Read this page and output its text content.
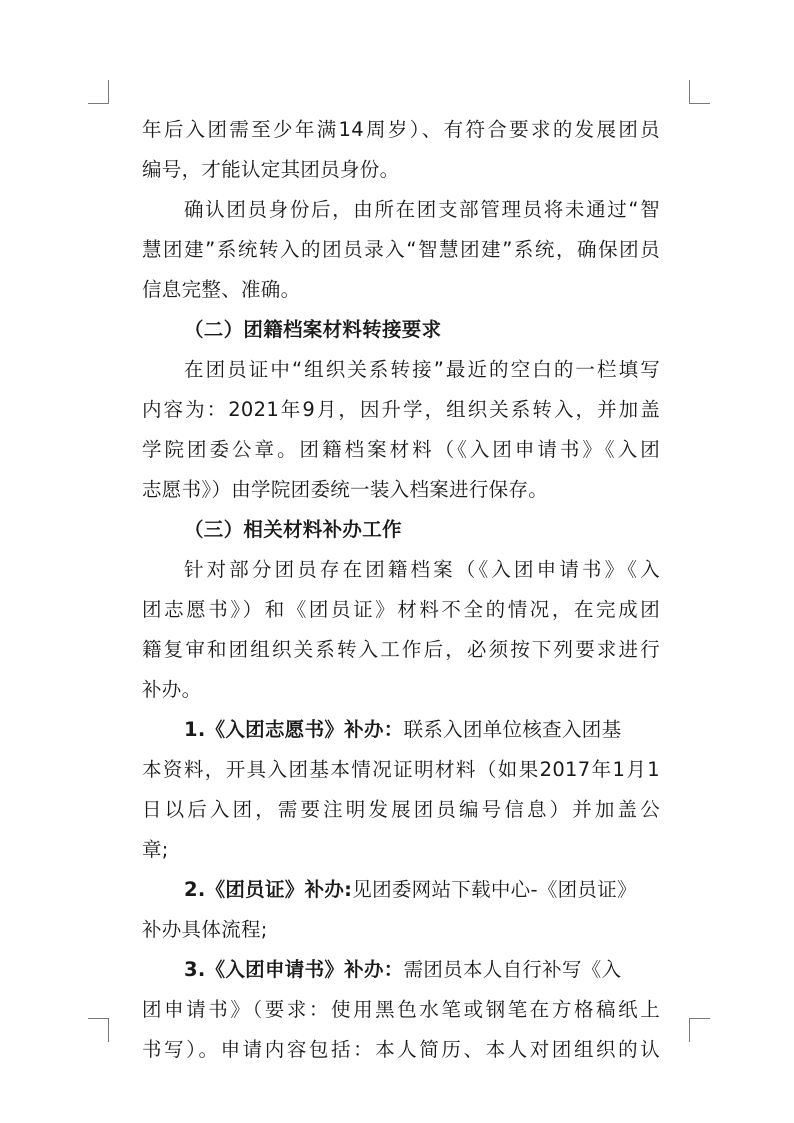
年后入团需至少年满14周岁）、有符合要求的发展团员
编号，才能认定其团员身份。
确认团员身份后，由所在团支部管理员将未通过“智
慧团建”系统转入的团员录入“智慧团建”系统，确保团员
信息完整、准确。
（二）团籍档案材料转接要求
在团员证中“组织关系转接”最近的空白的一栏填写
内容为：2021年9月，因升学，组织关系转入，并加盖
学院团委公章。团籍档案材料（《入团申请书》《入团
志愿书》）由学院团委统一装入档案进行保存。
（三）相关材料补办工作
针对部分团员存在团籍档案（《入团申请书》《入
团志愿书》）和《团员证》材料不全的情况，在完成团
籍复审和团组织关系转入工作后，必须按下列要求进行
补办。
1.《入团志愿书》补办：联系入团单位核查入团基
本资料，开具入团基本情况证明材料（如果2017年1月1
日以后入团，需要注明发展团员编号信息）并加盖公
章;
2.《团员证》补办:见团委网站下载中心-《团员证》
补办具体流程;
3.《入团申请书》补办：需团员本人自行补写《入
团申请书》（要求：使用黑色水笔或钢笔在方格稿纸上
书写）。申请内容包括：本人简历、本人对团组织的认
